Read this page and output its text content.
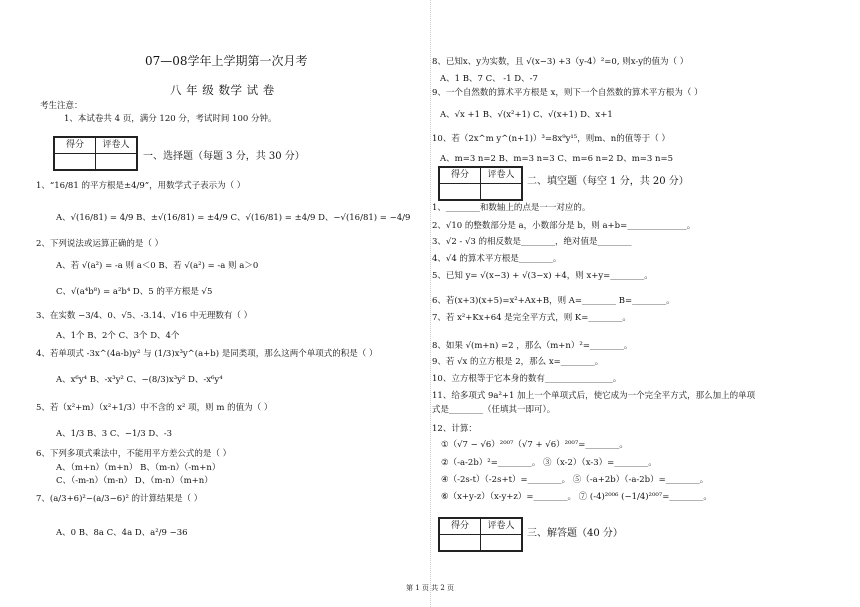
07—08学年上学期第一次月考
八 年 级 数学 试 卷
考生注意：
1、本试卷共 4 页，满分 120 分，考试时间 100 分钟。
得分	评卷人

一、选择题（每题 3 分，共 30 分）
1、“16/81 的平方根是±4/9”，用数学式子表示为（ ）
A、√(16/81) = 4/9 B、±√(16/81) = ±4/9 C、√(16/81) = ±4/9 D、−√(16/81) = −4/9
2、下列说法或运算正确的是（ ）
A、若 √(a²) = -a 则 a＜0 B、若 √(a²) = -a 则 a＞0
C、√(a⁴b⁸) = a²b⁴ D、5 的平方根是 √5
3、在实数 −3/4、0、√5、-3.14、√16 中无理数有（ ）
A、1个 B、2个 C、3个 D、4个
4、若单项式 -3x^(4a-b)y² 与 (1/3)x³y^(a+b) 是同类项，那么这两个单项式的积是（ ）
A、x⁶y⁴ B、-x³y² C、−(8/3)x³y² D、-x⁶y⁴
5、若（x²+m）（x²+1/3）中不含的 x² 项，则 m 的值为（ ）
A、1/3 B、3 C、−1/3 D、-3
6、下列多项式乘法中，不能用平方差公式的是（ ）
A、（m+n）（m+n） B、（m-n）（-m+n）
C、（-m-n）（m-n） D、（m-n）（m+n）
7、(a/3+6)²−(a/3−6)² 的计算结果是（ ）
A、0 B、8a C、4a D、a²/9 −36
8、已知x、y为实数，且 √(x−3) +3（y-4）²=0, 则x-y的值为（ ）
A、1 B、7 C、 -1 D、-7
9、一个自然数的算术平方根是 x，则下一个自然数的算术平方根为（ ）
A、√x +1 B、√(x²+1) C、√(x+1) D、x+1
10、若（2x^m y^(n+1)）³=8x⁹y¹⁵，则m、n的值等于（ ）
A、m=3 n=2 B、m=3 n=3 C、m=6 n=2 D、m=3 n=5
得分	评卷人

二、填空题（每空 1 分，共 20 分）
1、________和数轴上的点是一一对应的。
2、√10 的整数部分是 a，小数部分是 b，则 a+b=______________。
3、√2 - √3 的相反数是________，绝对值是________
4、√4 的算术平方根是________。
5、已知 y= √(x−3) + √(3−x) +4，则 x+y=________。
6、若(x+3)(x+5)=x²+Ax+B，则 A=________ B=________。
7、若 x²+Kx+64 是完全平方式，则 K=________。
8、如果 √(m+n) =2 ，那么（m+n）²=________。
9、若 √x 的立方根是 2，那么 x=________。
10、立方根等于它本身的数有________________。
11、给多项式 9a²+1 加上一个单项式后，使它成为一个完全平方式，那么加上的单项
式是________（任填其一即可）。
12、计算：
①（√7 − √6）²⁰⁰⁷（√7 + √6）²⁰⁰⁷=________。
②（-a-2b）²=________。 ③（x-2）（x-3）=________。
④（-2s-t）（-2s+t）=________。 ⑤（-a+2b）（-a-2b）=________。
⑥（x+y-z）（x-y+z）=________。 ⑦ (-4)²⁰⁰⁶ (−1/4)²⁰⁰⁷=________。
得分	评卷人

三、解答题（40 分）
第 1 页 共 2 页
